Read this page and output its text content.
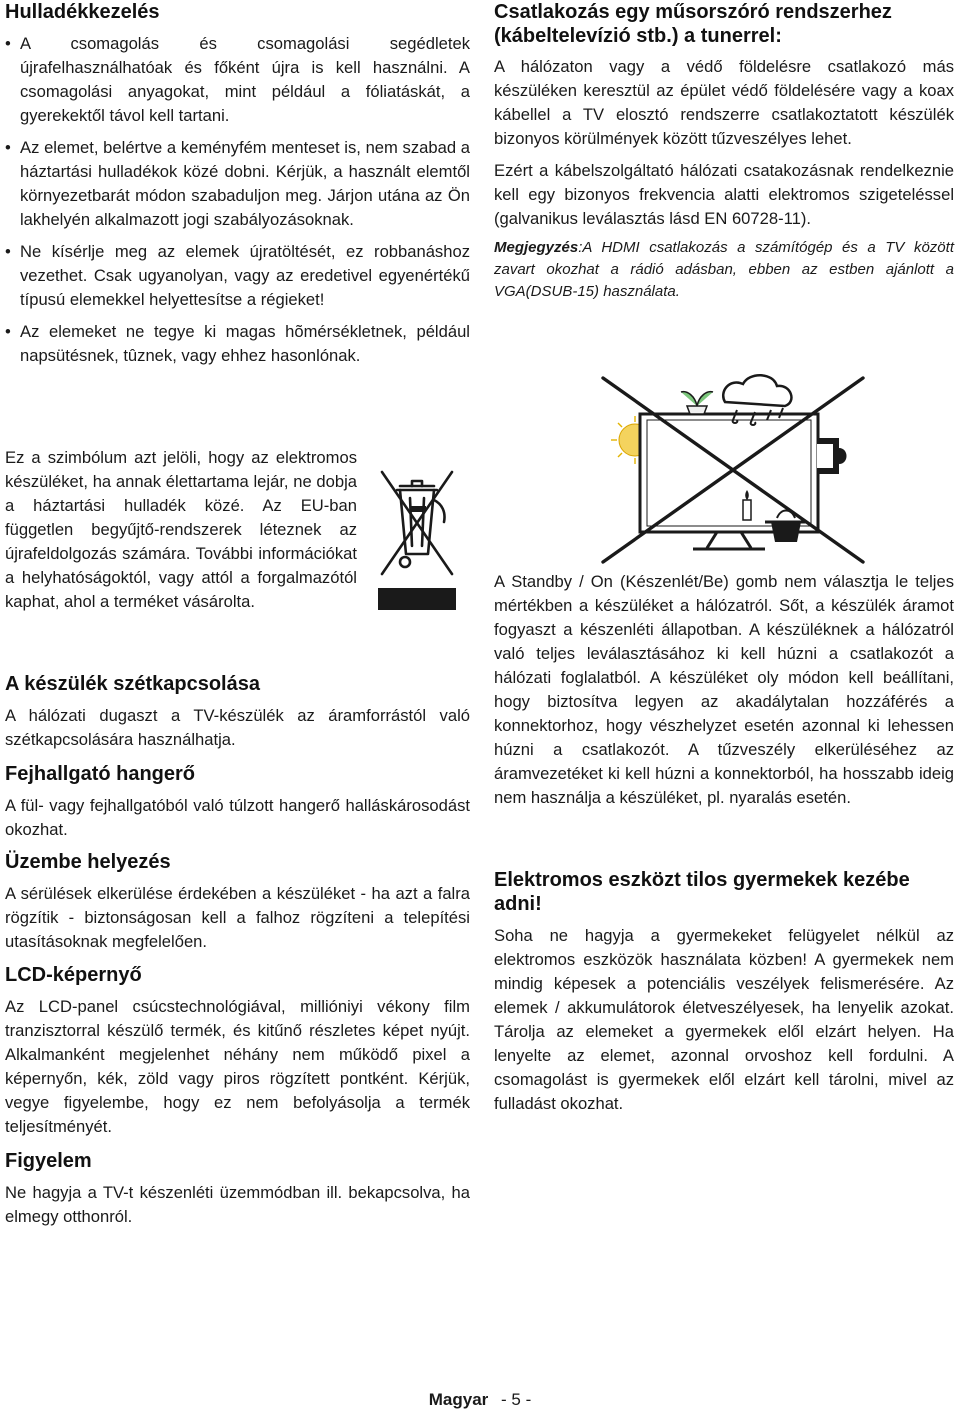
Hulladékkezelés
• A csomagolás és csomagolási segédletek újrafelhasználhatóak és főként újra is kell használni. A csomagolási anyagokat, mint például a fóliatáskát, a gyerekektől távol kell tartani.
• Az elemet, belértve a keményfém menteset is, nem szabad a háztartási hulladékok közé dobni. Kérjük, a használt elemtől környezetbarát módon szabaduljon meg. Járjon utána az Ön lakhelyén alkalmazott jogi szabályozásoknak.
• Ne kísérlje meg az elemek újratöltését, ez robbanáshoz vezethet. Csak ugyanolyan, vagy az eredetivel egyenértékű típusú elemekkel helyettesítse a régieket!
• Az elemeket ne tegye ki magas hõmérsékletnek, például napsütésnek, tûznek, vagy ehhez hasonlónak.

Ez a szimbólum azt jelöli, hogy az elektromos készüléket, ha annak élettartama lejár, ne dobja a háztartási hulladék közé. Az EU-ban független begyűjtő-rendszerek léteznek az újrafeldolgozás számára. További információkat a helyhatóságoktól, vagy attól a forgalmazótól kaphat, ahol a terméket vásárolta.

A készülék szétkapcsolása

A hálózati dugaszt a TV-készülék az áramforrástól való szétkapcsolására használhatja.

Fejhallgató hangerő

A fül- vagy fejhallgatóból való túlzott hangerő halláskárosodást okozhat.

Üzembe helyezés

A sérülések elkerülése érdekében a készüléket - ha azt a falra rögzítik - biztonságosan kell a falhoz rögzíteni a telepítési utasításoknak megfelelően.

LCD-képernyő

Az LCD-panel csúcstechnológiával, millióniyi vékony film tranzisztorral készülő termék, és kitűnő részletes képet nyújt. Alkalmanként megjelenhet néhány nem működő pixel a képernyőn, kék, zöld vagy piros rögzített pontként. Kérjük, vegye figyelembe, hogy ez nem befolyásolja a termék teljesítményét.

Figyelem

Ne hagyja a TV-t készenléti üzemmódban ill. bekapcsolva, ha elmegy otthonról.

Csatlakozás egy műsorszóró rendszerhez (kábeltelevízió stb.) a tunerrel:

A hálózaton vagy a védő földelésre csatlakozó más készüléken keresztül az épület védő földelésére vagy a koax kábellel a TV elosztó rendszerre csatlakoztatott készülék bizonyos körülmények között tűzveszélyes lehet.

Ezért a kábelszolgáltató hálózati csatakozásnak rendelkeznie kell egy bizonyos frekvencia alatti elektromos szigeteléssel (galvanikus leválasztás lásd EN 60728-11).

Megjegyzés:A HDMI csatlakozás a számítógép és a TV között zavart okozhat a rádió adásban, ebben az estben ajánlott a VGA(DSUB-15) használata.

A Standby / On (Készenlét/Be) gomb nem választja le teljes mértékben a készüléket a hálózatról. Sőt, a készülék áramot fogyaszt a készenléti állapotban. A készüléknek a hálózatról való teljes leválasztásához ki kell húzni a csatlakozót a hálózati foglalatból. A készüléket oly módon kell beállítani, hogy biztosítva legyen az akadálytalan hozzáférés a konnektorhoz, hogy vészhelyzet esetén azonnal ki lehessen húzni a csatlakozót. A tűzveszély elkerüléséhez az áramvezetéket ki kell húzni a konnektorból, ha hosszabb ideig nem használja a készüléket, pl. nyaralás esetén.

Elektromos eszközt tilos gyermekek kezébe adni!

Soha ne hagyja a gyermekeket felügyelet nélkül az elektromos eszközök használata közben! A gyermekek nem mindig képesek a potenciális veszélyek felismerésére. Az elemek / akkumulátorok életveszélyesek, ha lenyelik azokat. Tárolja az elemeket a gyermekek elől elzárt helyen. Ha lenyelte az elemet, azonnal orvoshoz kell fordulni. A csomagolást is gyermekek elől elzárt kell tárolni, mivel az fulladást okozhat.

Magyar - 5 -
